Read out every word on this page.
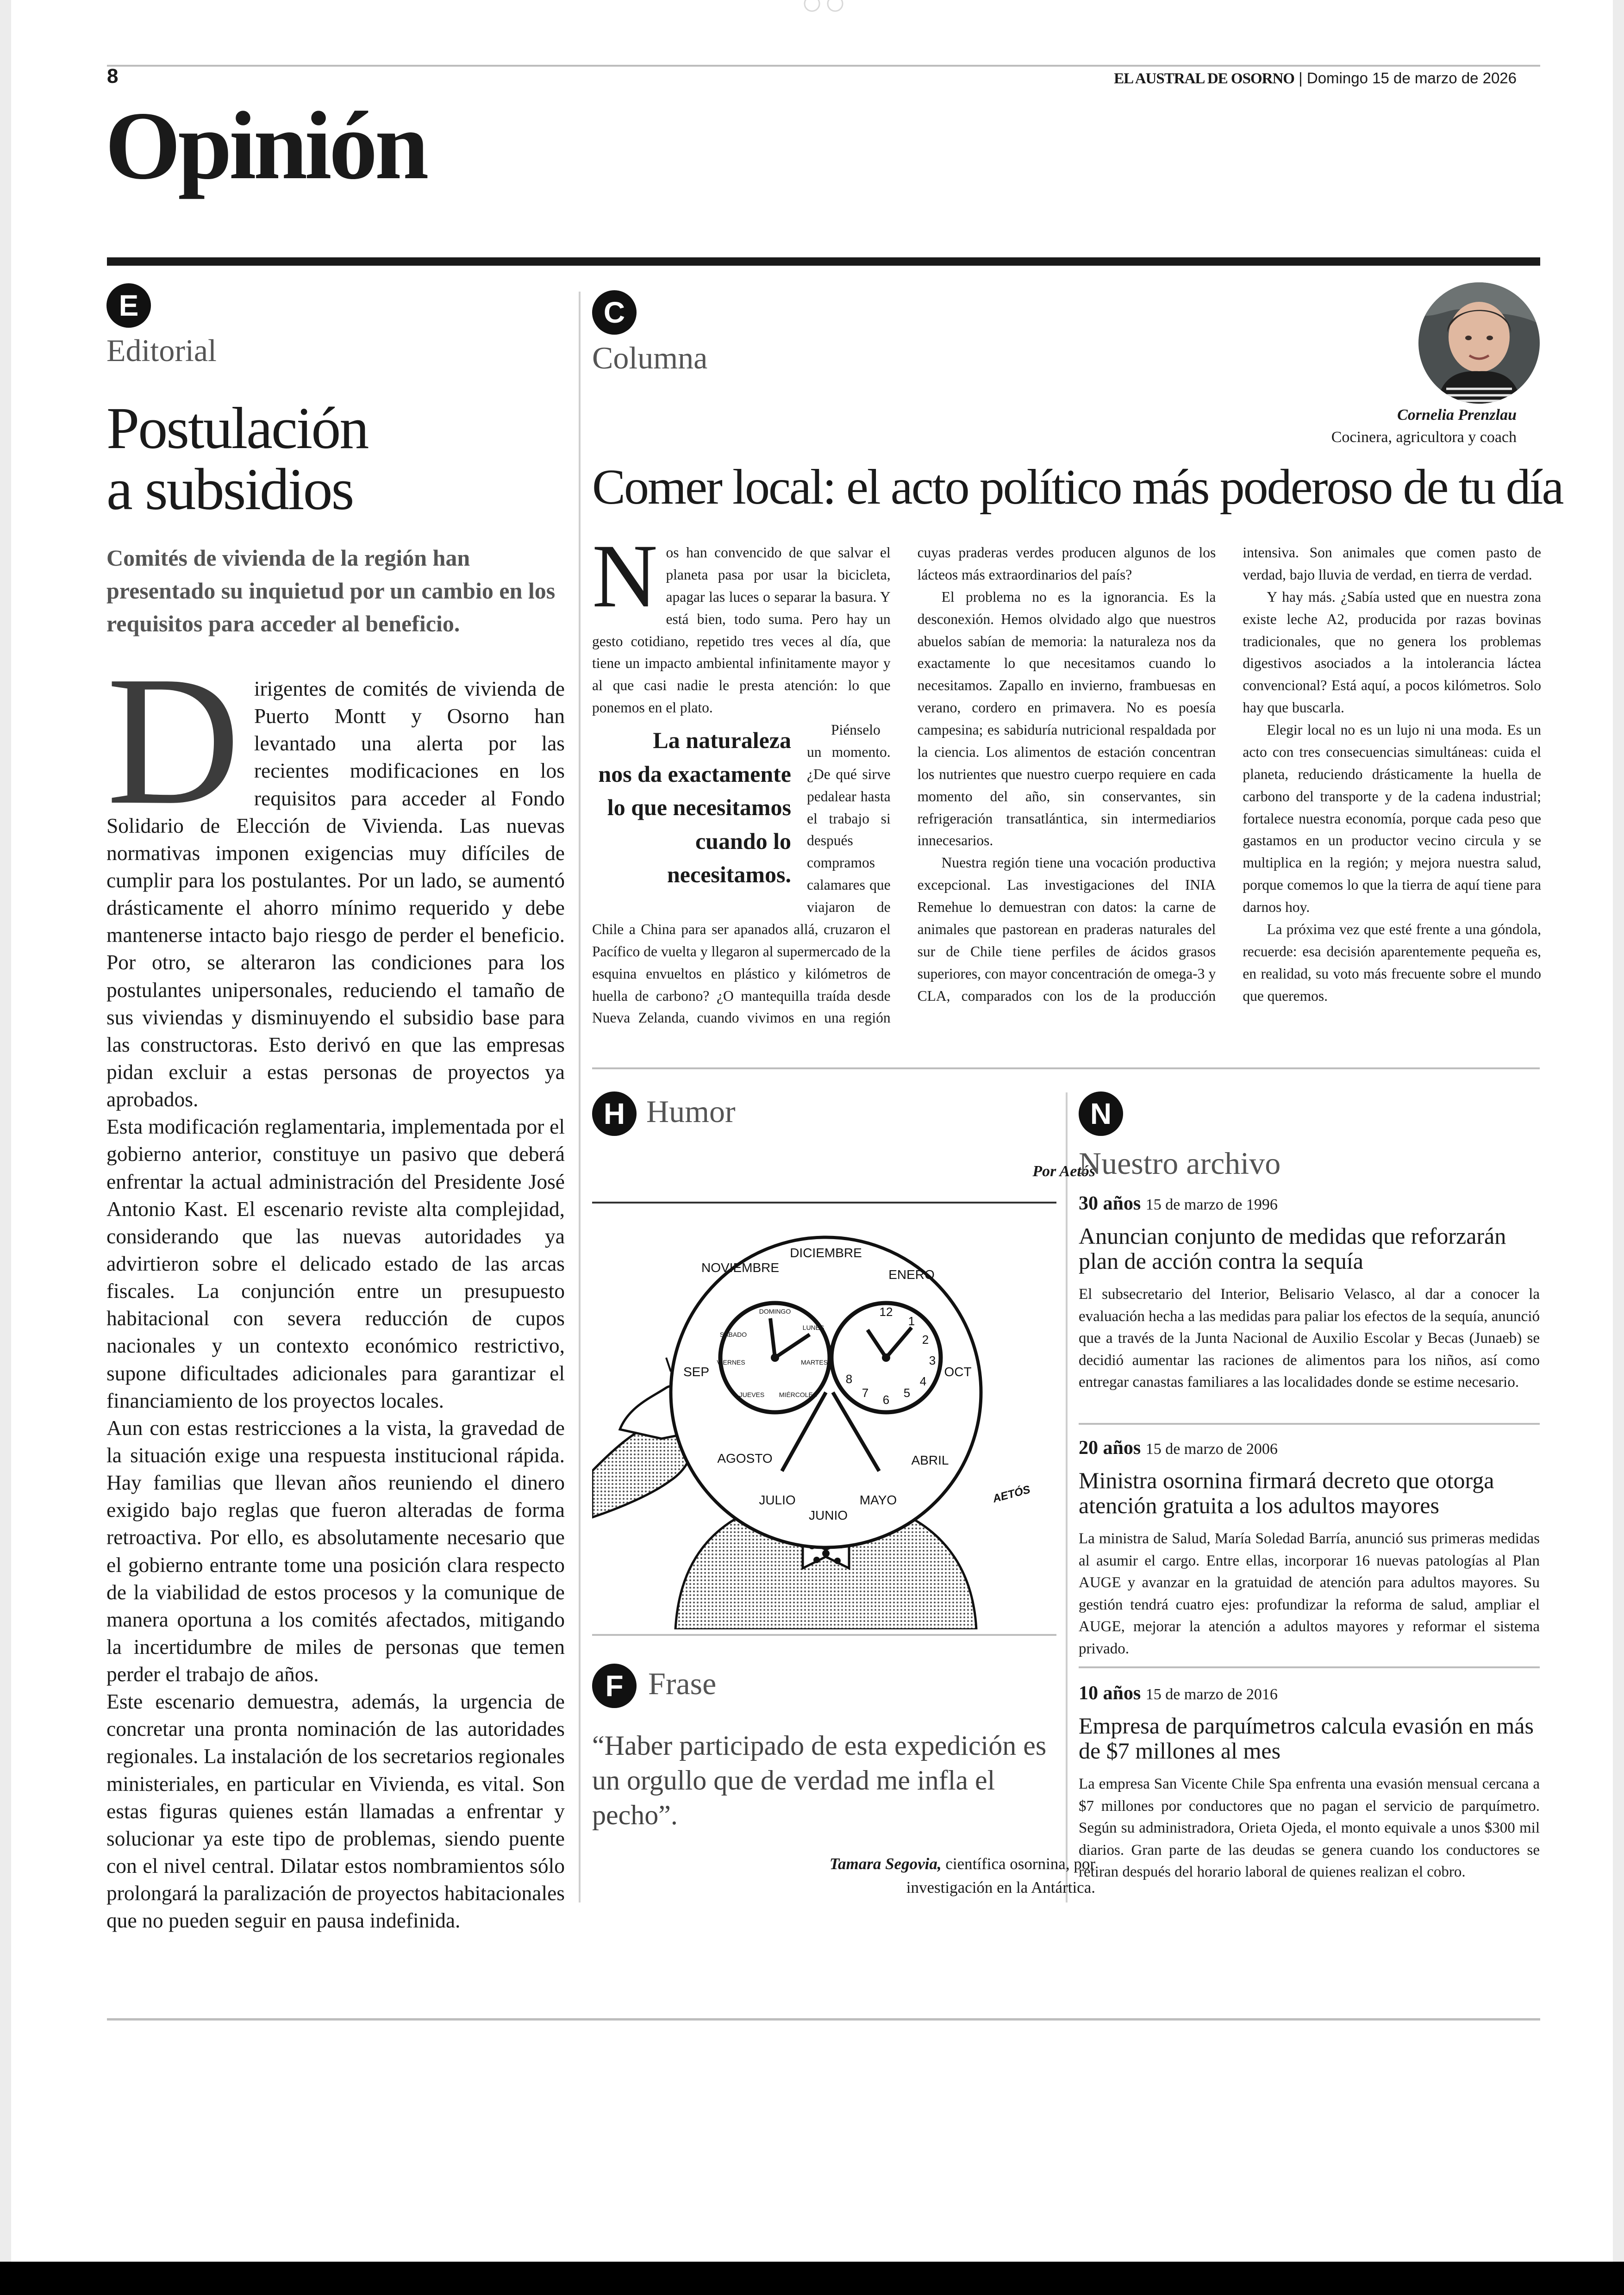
8	EL AUSTRAL DE OSORNO | Domingo 15 de marzo de 2026
Opinión
E
Editorial
Postulación
a subsidios
Comités de vivienda de la región han presentado su inquietud por un cambio en los requisitos para acceder al beneficio.

Dirigentes de comités de vivienda de Puerto Montt y Osorno han levantado una alerta por las recientes modificaciones en los requisitos para acceder al Fondo Solidario de Elección de Vivienda. Las nuevas normativas imponen exigencias muy difíciles de cumplir para los postulantes. Por un lado, se aumentó drásticamente el ahorro mínimo requerido y debe mantenerse intacto bajo riesgo de perder el beneficio. Por otro, se alteraron las condiciones para los postulantes unipersonales, reduciendo el tamaño de sus viviendas y disminuyendo el subsidio base para las constructoras. Esto derivó en que las empresas pidan excluir a estas personas de proyectos ya aprobados.

Esta modificación reglamentaria, implementada por el gobierno anterior, constituye un pasivo que deberá enfrentar la actual administración del Presidente José Antonio Kast. El escenario reviste alta complejidad, considerando que las nuevas autoridades ya advirtieron sobre el delicado estado de las arcas fiscales. La conjunción entre un presupuesto habitacional con severa reducción de cupos nacionales y un contexto económico restrictivo, supone dificultades adicionales para garantizar el financiamiento de los proyectos locales.

Aun con estas restricciones a la vista, la gravedad de la situación exige una respuesta institucional rápida. Hay familias que llevan años reuniendo el dinero exigido bajo reglas que fueron alteradas de forma retroactiva. Por ello, es absolutamente necesario que el gobierno entrante tome una posición clara respecto de la viabilidad de estos procesos y la comunique de manera oportuna a los comités afectados, mitigando la incertidumbre de miles de personas que temen perder el trabajo de años.

Este escenario demuestra, además, la urgencia de concretar una pronta nominación de las autoridades regionales. La instalación de los secretarios regionales ministeriales, en particular en Vivienda, es vital. Son estas figuras quienes están llamadas a enfrentar y solucionar ya este tipo de problemas, siendo puente con el nivel central. Dilatar estos nombramientos sólo prolongará la paralización de proyectos habitacionales que no pueden seguir en pausa indefinida.

C
Columna
Cornelia Prenzlau
Cocinera, agricultora y coach
Comer local: el acto político más poderoso de tu día

Nos han convencido de que salvar el planeta pasa por usar la bicicleta, apagar las luces o separar la basura. Y está bien, todo suma. Pero hay un gesto cotidiano, repetido tres veces al día, que tiene un impacto ambiental infinitamente mayor y al que casi nadie le presta atención: lo que ponemos en el plato.

La naturaleza nos da exactamente lo que necesitamos cuando lo necesitamos.
Piénselo un momento. ¿De qué sirve pedalear hasta el trabajo si después compramos calamares que viajaron de Chile a China para ser apanados allá, cruzaron el Pacífico de vuelta y llegaron al supermercado de la esquina envueltos en plástico y kilómetros de huella de carbono? ¿O mantequilla traída desde Nueva Zelanda, cuando vivimos en una región cuyas praderas verdes producen algunos de los lácteos más extraordinarios del país?

El problema no es la ignorancia. Es la desconexión. Hemos olvidado algo que nuestros abuelos sabían de memoria: la naturaleza nos da exactamente lo que necesitamos cuando lo necesitamos. Zapallo en invierno, frambuesas en verano, cordero en primavera. No es poesía campesina; es sabiduría nutricional respaldada por la ciencia. Los alimentos de estación concentran los nutrientes que nuestro cuerpo requiere en cada momento del año, sin conservantes, sin refrigeración transatlántica, sin intermediarios innecesarios.

Nuestra región tiene una vocación productiva excepcional. Las investigaciones del INIA Remehue lo demuestran con datos: la carne de animales que pastorean en praderas naturales del sur de Chile tiene perfiles de ácidos grasos superiores, con mayor concentración de omega-3 y CLA, comparados con los de la producción intensiva. Son animales que comen pasto de verdad, bajo lluvia de verdad, en tierra de verdad.

Y hay más. ¿Sabía usted que en nuestra zona existe leche A2, producida por razas bovinas tradicionales, que no genera los problemas digestivos asociados a la intolerancia láctea convencional? Está aquí, a pocos kilómetros. Solo hay que buscarla.

Elegir local no es un lujo ni una moda. Es un acto con tres consecuencias simultáneas: cuida el planeta, reduciendo drásticamente la huella de carbono del transporte y de la cadena industrial; fortalece nuestra economía, porque cada peso que gastamos en un productor vecino circula y se multiplica en la región; y mejora nuestra salud, porque comemos lo que la tierra de aquí tiene para darnos hoy.

La próxima vez que esté frente a una góndola, recuerde: esa decisión aparentemente pequeña es, en realidad, su voto más frecuente sobre el mundo que queremos.

H Humor
Por Aetós
DICIEMBRE
NOVIEMBRE	ENERO
SEP	OCT
AGOSTO	ABRIL
JULIO
JUNIO
MAYO
DOMINGO
LUNES
SÁBADO
MARTES
VIERNES
JUEVES MIÉRCOLES
12
1
2
3
4
5
6
7
8
AETÓS
F Frase
“Haber participado de esta expedición es un orgullo que de verdad me infla el pecho”.
Tamara Segovia, científica osornina, por investigación en la Antártica.
N
Nuestro archivo
30 años 15 de marzo de 1996
Anuncian conjunto de medidas que reforzarán plan de acción contra la sequía
El subsecretario del Interior, Belisario Velasco, al dar a conocer la evaluación hecha a las medidas para paliar los efectos de la sequía, anunció que a través de la Junta Nacional de Auxilio Escolar y Becas (Junaeb) se decidió aumentar las raciones de alimentos para los niños, así como entregar canastas familiares a las localidades donde se estime necesario.
20 años 15 de marzo de 2006
Ministra osornina firmará decreto que otorga atención gratuita a los adultos mayores
La ministra de Salud, María Soledad Barría, anunció sus primeras medidas al asumir el cargo. Entre ellas, incorporar 16 nuevas patologías al Plan AUGE y avanzar en la gratuidad de atención para adultos mayores. Su gestión tendrá cuatro ejes: profundizar la reforma de salud, ampliar el AUGE, mejorar la atención a adultos mayores y reformar el sistema privado.
10 años 15 de marzo de 2016
Empresa de parquímetros calcula evasión en más de $7 millones al mes
La empresa San Vicente Chile Spa enfrenta una evasión mensual cercana a $7 millones por conductores que no pagan el servicio de parquímetro. Según su administradora, Orieta Ojeda, el monto equivale a unos $300 mil diarios. Gran parte de las deudas se genera cuando los conductores se retiran después del horario laboral de quienes realizan el cobro.
